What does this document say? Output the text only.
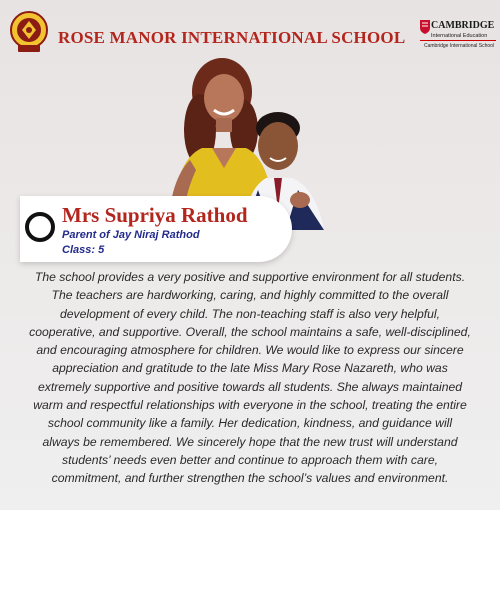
ROSE MANOR INTERNATIONAL SCHOOL
CAMBRIDGE
International Education
Cambridge International School
Mrs Supriya Rathod
Parent of Jay Niraj Rathod
Class: 5

The school provides a very positive and supportive environment for all students. The teachers are hardworking, caring, and highly committed to the overall development of every child. The non-teaching staff is also very helpful, cooperative, and supportive. Overall, the school maintains a safe, well-disciplined, and encouraging atmosphere for children. We would like to express our sincere appreciation and gratitude to the late Miss Mary Rose Nazareth, who was extremely supportive and positive towards all students. She always maintained warm and respectful relationships with everyone in the school, treating the entire school community like a family. Her dedication, kindness, and guidance will always be remembered. We sincerely hope that the new trust will understand students’ needs even better and continue to approach them with care, commitment, and further strengthen the school’s values and environment.
